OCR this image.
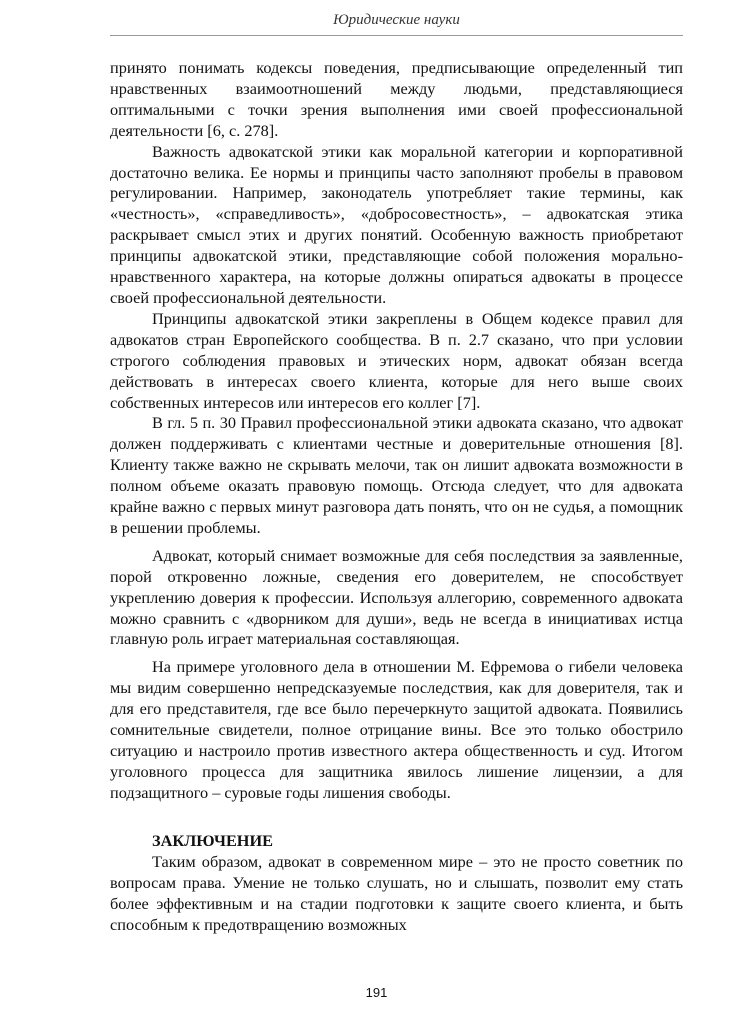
Юридические науки

принято понимать кодексы поведения, предписывающие определенный тип нравственных взаимоотношений между людьми, представляющиеся оптимальными с точки зрения выполнения ими своей профессиональной деятельности [6, с. 278].

Важность адвокатской этики как моральной категории и корпоративной достаточно велика. Ее нормы и принципы часто заполняют пробелы в правовом регулировании. Например, законодатель употребляет такие термины, как «честность», «справедливость», «добросовестность», – адвокатская этика раскрывает смысл этих и других понятий. Особенную важность приобретают принципы адвокатской этики, представляющие собой положения морально-нравственного характера, на которые должны опираться адвокаты в процессе своей профессиональной деятельности.

Принципы адвокатской этики закреплены в Общем кодексе правил для адвокатов стран Европейского сообщества. В п. 2.7 сказано, что при условии строгого соблюдения правовых и этических норм, адвокат обязан всегда действовать в интересах своего клиента, которые для него выше своих собственных интересов или интересов его коллег [7].

В гл. 5 п. 30 Правил профессиональной этики адвоката сказано, что адвокат должен поддерживать с клиентами честные и доверительные отношения [8]. Клиенту также важно не скрывать мелочи, так он лишит адвоката возможности в полном объеме оказать правовую помощь. Отсюда следует, что для адвоката крайне важно с первых минут разговора дать понять, что он не судья, а помощник в решении проблемы.

Адвокат, который снимает возможные для себя последствия за заявленные, порой откровенно ложные, сведения его доверителем, не способствует укреплению доверия к профессии. Используя аллегорию, современного адвоката можно сравнить с «дворником для души», ведь не всегда в инициативах истца главную роль играет материальная составляющая.

На примере уголовного дела в отношении М. Ефремова о гибели человека мы видим совершенно непредсказуемые последствия, как для доверителя, так и для его представителя, где все было перечеркнуто защитой адвоката. Появились сомнительные свидетели, полное отрицание вины. Все это только обострило ситуацию и настроило против известного актера общественность и суд. Итогом уголовного процесса для защитника явилось лишение лицензии, а для подзащитного – суровые годы лишения свободы.

ЗАКЛЮЧЕНИЕ

Таким образом, адвокат в современном мире – это не просто советник по вопросам права. Умение не только слушать, но и слышать, позволит ему стать более эффективным и на стадии подготовки к защите своего клиента, и быть способным к предотвращению возможных

191
